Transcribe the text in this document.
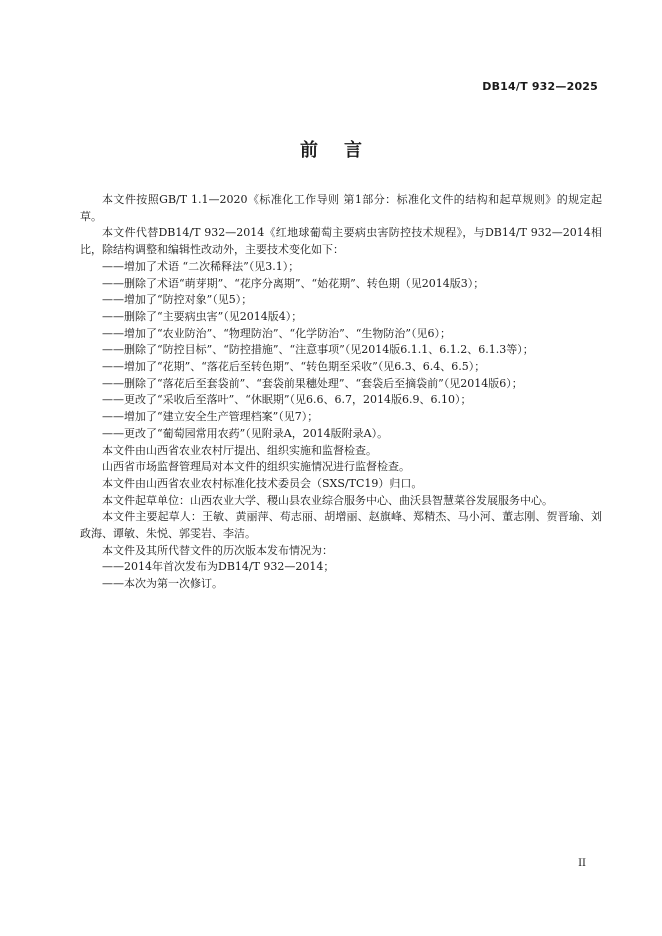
DB14/T 932—2025
前言

本文件按照GB/T 1.1—2020《标准化工作导则 第1部分：标准化文件的结构和起草规则》的规定起草。

本文件代替DB14/T 932—2014《红地球葡萄主要病虫害防控技术规程》，与DB14/T 932—2014相比，除结构调整和编辑性改动外，主要技术变化如下：

——增加了术语 “二次稀释法”（见3.1）；

——删除了术语“萌芽期”、“花序分离期”、“始花期”、转色期（见2014版3）；

——增加了“防控对象”（见5）；

——删除了“主要病虫害”（见2014版4）；

——增加了“农业防治”、“物理防治”、“化学防治”、“生物防治”（见6）；

——删除了“防控目标”、“防控措施”、“注意事项”（见2014版6.1.1、6.1.2、6.1.3等）；

——增加了“花期”、“落花后至转色期”、“转色期至采收”（见6.3、6.4、6.5）；

——删除了“落花后至套袋前”、“套袋前果穗处理”、“套袋后至摘袋前”（见2014版6）；

——更改了“采收后至落叶”、“休眠期”（见6.6、6.7，2014版6.9、6.10）；

——增加了“建立安全生产管理档案”（见7）；

——更改了“葡萄园常用农药”（见附录A，2014版附录A）。

本文件由山西省农业农村厅提出、组织实施和监督检查。

山西省市场监督管理局对本文件的组织实施情况进行监督检查。

本文件由山西省农业农村标准化技术委员会（SXS/TC19）归口。

本文件起草单位：山西农业大学、稷山县农业综合服务中心、曲沃县智慧菜谷发展服务中心。

本文件主要起草人：王敏、黄丽萍、苟志丽、胡增丽、赵旗峰、郑精杰、马小河、董志刚、贺晋瑜、刘政海、谭敏、朱悦、郭雯岩、李洁。

本文件及其所代替文件的历次版本发布情况为：

——2014年首次发布为DB14/T 932—2014；

——本次为第一次修订。

II
